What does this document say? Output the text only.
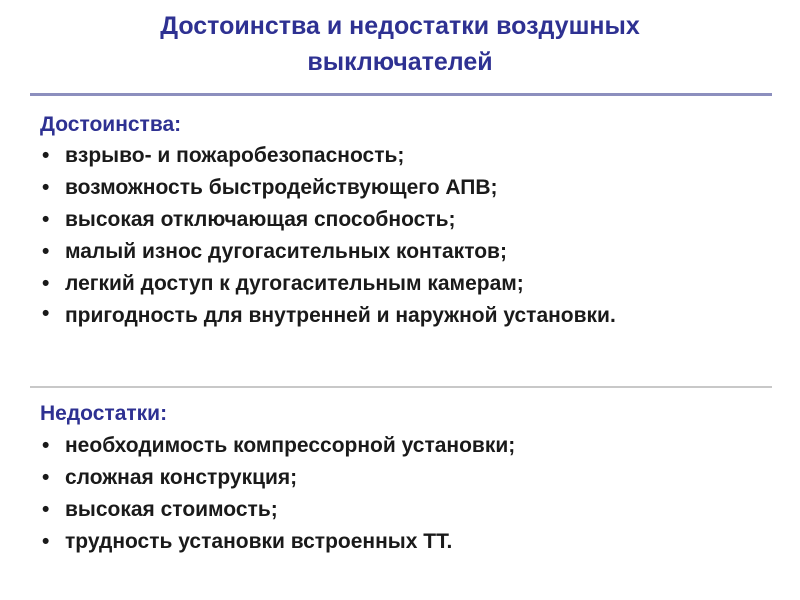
Достоинства и недостатки воздушных
выключателей
Достоинства:
• взрыво- и пожаробезопасность;
• возможность быстродействующего АПВ;
• высокая отключающая способность;
• малый износ дугогасительных контактов;
• легкий доступ к дугогасительным камерам;
• пригодность для внутренней и наружной установки.
Недостатки:
• необходимость компрессорной установки;
• сложная конструкция;
• высокая стоимость;
• трудность установки встроенных ТТ.
